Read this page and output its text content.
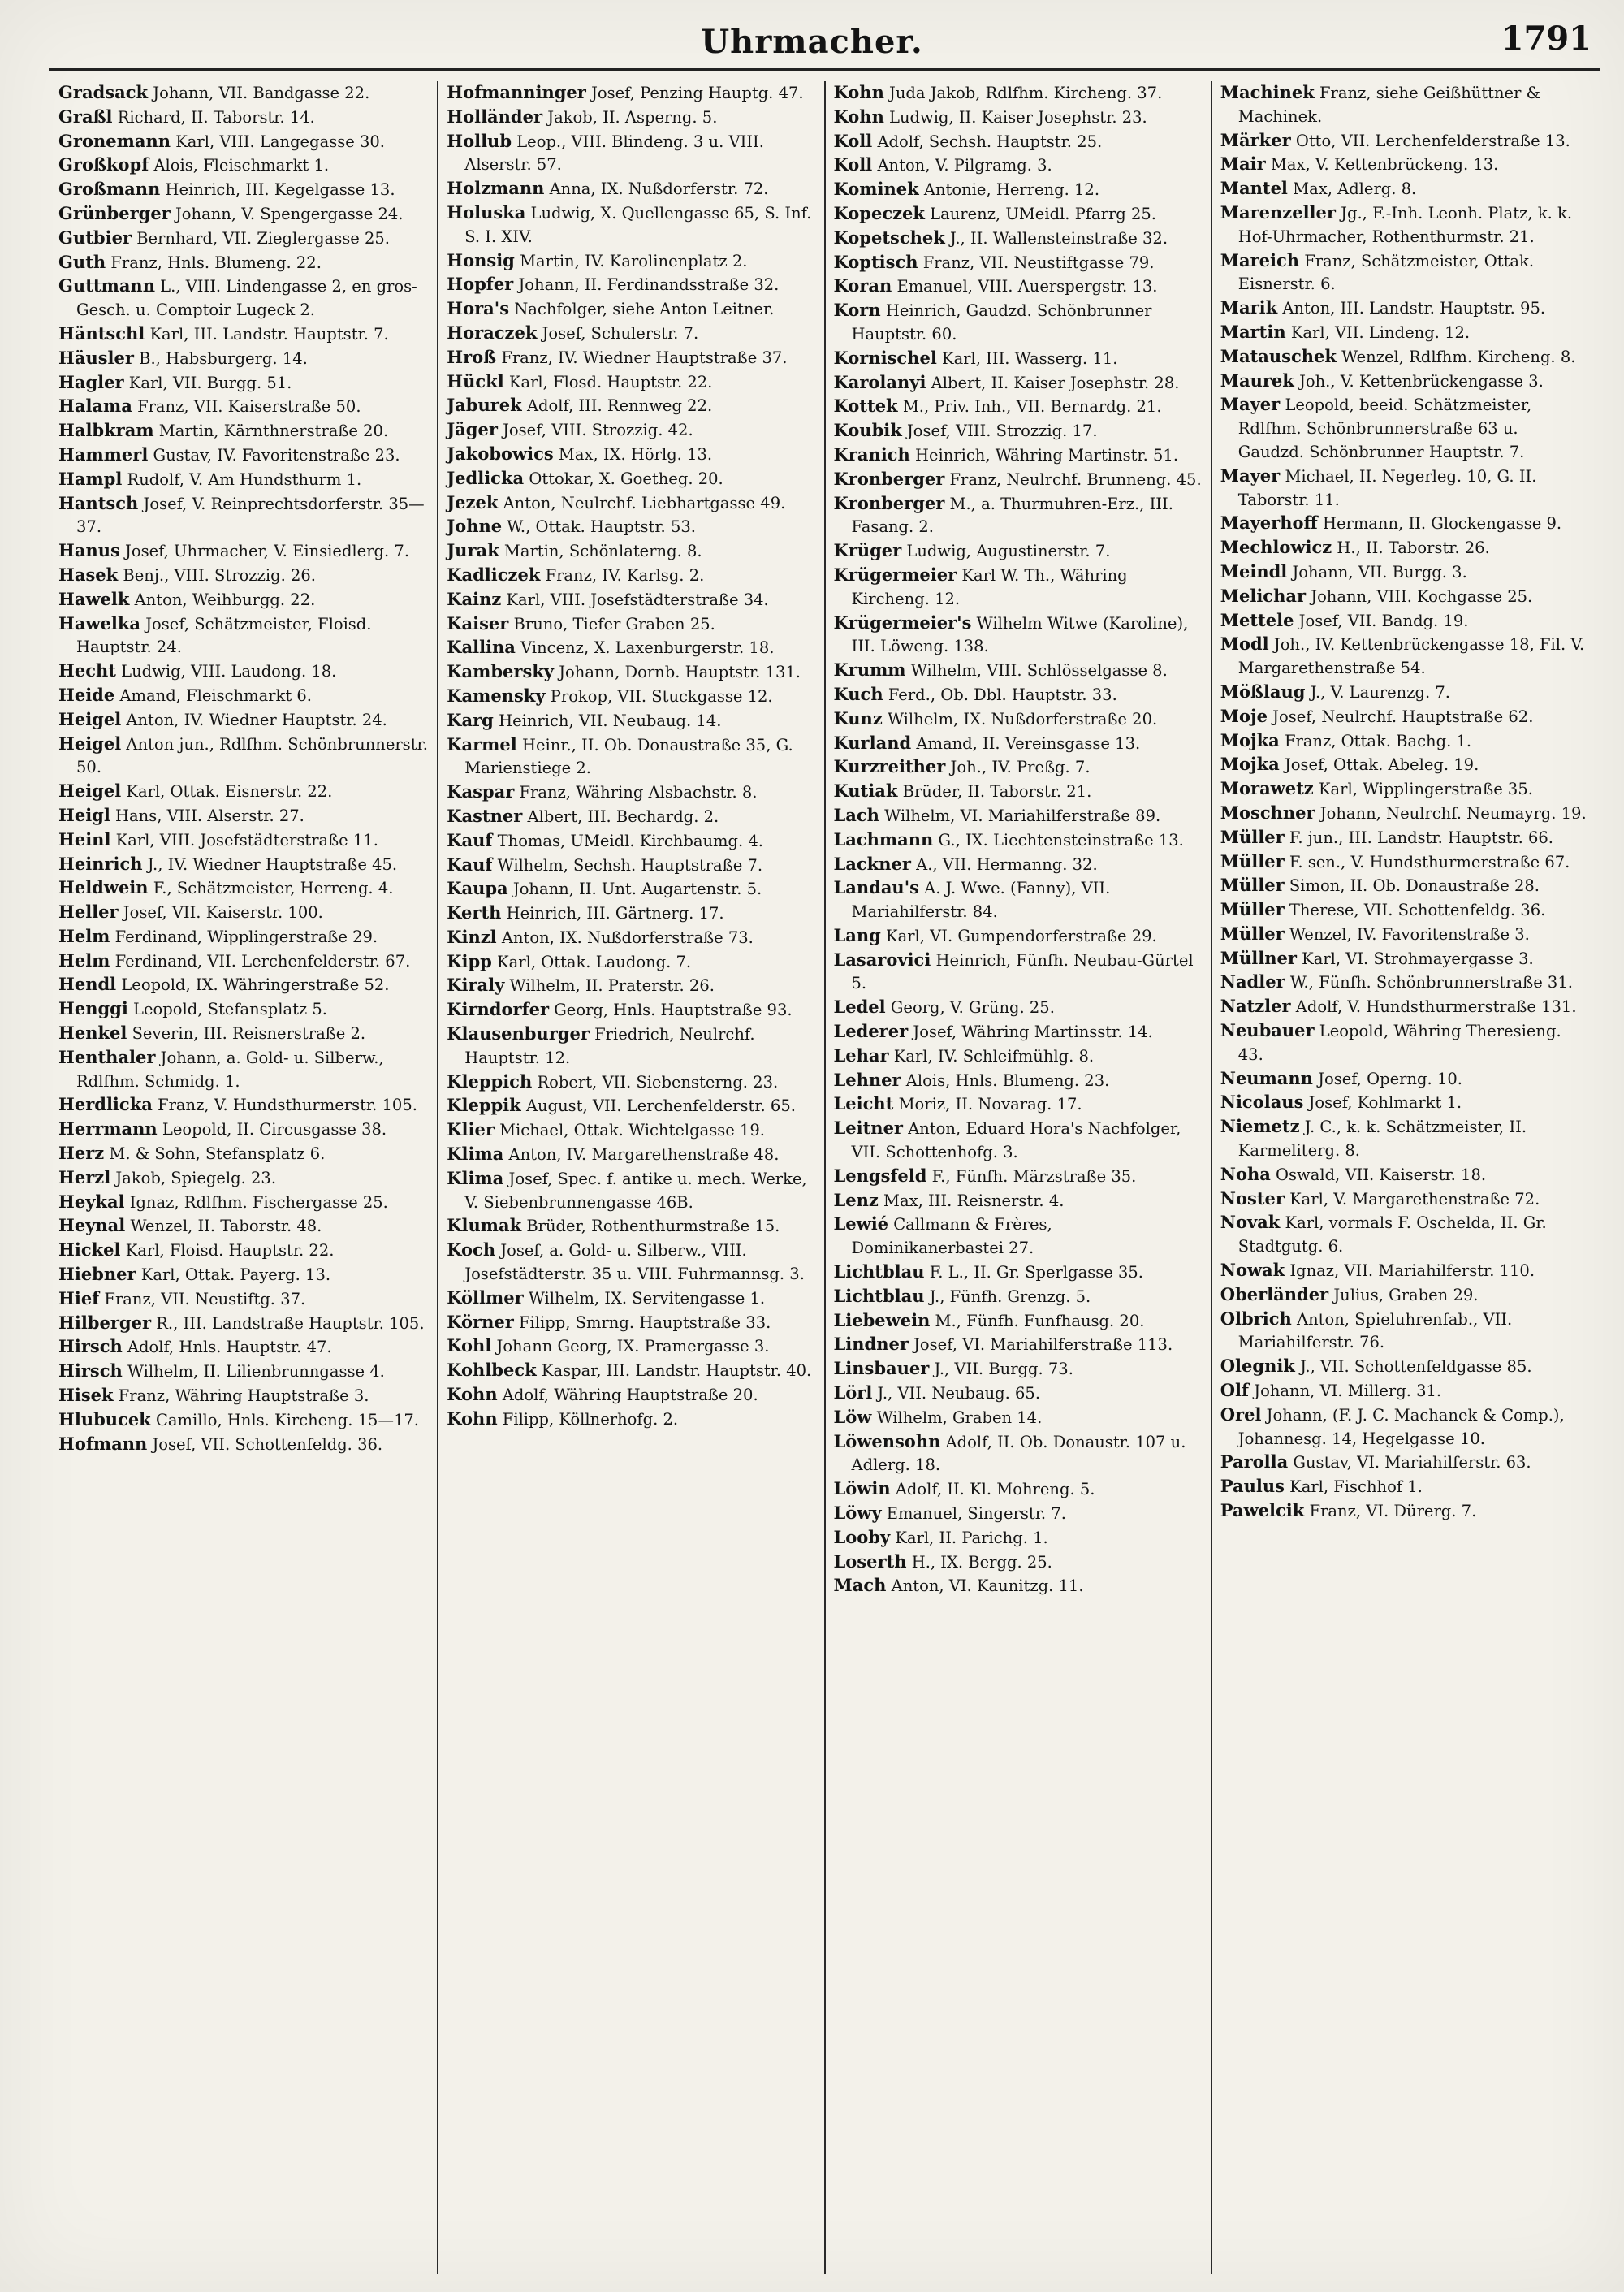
Uhrmacher.	1791
Gradsack Johann, VII. Bandgasse 22.
Graßl Richard, II. Taborstr. 14.
Gronemann Karl, VIII. Langegasse 30.
Großkopf Alois, Fleischmarkt 1.
Großmann Heinrich, III. Kegelgasse 13.
Grünberger Johann, V. Spengergasse 24.
Gutbier Bernhard, VII. Zieglergasse 25.
Guth Franz, Hnls. Blumeng. 22.
Guttmann L., VIII. Lindengasse 2, en gros-Gesch. u. Comptoir Lugeck 2.
Häntschl Karl, III. Landstr. Hauptstr. 7.
Häusler B., Habsburgerg. 14.
Hagler Karl, VII. Burgg. 51.
Halama Franz, VII. Kaiserstraße 50.
Halbkram Martin, Kärnthnerstraße 20.
Hammerl Gustav, IV. Favoritenstraße 23.
Hampl Rudolf, V. Am Hundsthurm 1.
Hantsch Josef, V. Reinprechtsdorferstr. 35—37.
Hanus Josef, Uhrmacher, V. Einsiedlerg. 7.
Hasek Benj., VIII. Strozzig. 26.
Hawelk Anton, Weihburgg. 22.
Hawelka Josef, Schätzmeister, Floisd. Hauptstr. 24.
Hecht Ludwig, VIII. Laudong. 18.
Heide Amand, Fleischmarkt 6.
Heigel Anton, IV. Wiedner Hauptstr. 24.
Heigel Anton jun., Rdlfhm. Schönbrunnerstr. 50.
Heigel Karl, Ottak. Eisnerstr. 22.
Heigl Hans, VIII. Alserstr. 27.
Heinl Karl, VIII. Josefstädterstraße 11.
Heinrich J., IV. Wiedner Hauptstraße 45.
Heldwein F., Schätzmeister, Herreng. 4.
Heller Josef, VII. Kaiserstr. 100.
Helm Ferdinand, Wipplingerstraße 29.
Helm Ferdinand, VII. Lerchenfelderstr. 67.
Hendl Leopold, IX. Währingerstraße 52.
Henggi Leopold, Stefansplatz 5.
Henkel Severin, III. Reisnerstraße 2.
Henthaler Johann, a. Gold- u. Silberw., Rdlfhm. Schmidg. 1.
Herdlicka Franz, V. Hundsthurmerstr. 105.
Herrmann Leopold, II. Circusgasse 38.
Herz M. & Sohn, Stefansplatz 6.
Herzl Jakob, Spiegelg. 23.
Heykal Ignaz, Rdlfhm. Fischergasse 25.
Heynal Wenzel, II. Taborstr. 48.
Hickel Karl, Floisd. Hauptstr. 22.
Hiebner Karl, Ottak. Payerg. 13.
Hief Franz, VII. Neustiftg. 37.
Hilberger R., III. Landstraße Hauptstr. 105.
Hirsch Adolf, Hnls. Hauptstr. 47.
Hirsch Wilhelm, II. Lilienbrunngasse 4.
Hisek Franz, Währing Hauptstraße 3.
Hlubucek Camillo, Hnls. Kircheng. 15—17.
Hofmann Josef, VII. Schottenfeldg. 36.
Hofmanninger Josef, Penzing Hauptg. 47.
Holländer Jakob, II. Asperng. 5.
Hollub Leop., VIII. Blindeng. 3 u. VIII. Alserstr. 57.
Holzmann Anna, IX. Nußdorferstr. 72.
Holuska Ludwig, X. Quellengasse 65, S. Inf. S. I. XIV.
Honsig Martin, IV. Karolinenplatz 2.
Hopfer Johann, II. Ferdinandsstraße 32.
Hora's Nachfolger, siehe Anton Leitner.
Horaczek Josef, Schulerstr. 7.
Hroß Franz, IV. Wiedner Hauptstraße 37.
Hückl Karl, Flosd. Hauptstr. 22.
Jaburek Adolf, III. Rennweg 22.
Jäger Josef, VIII. Strozzig. 42.
Jakobowics Max, IX. Hörlg. 13.
Jedlicka Ottokar, X. Goetheg. 20.
Jezek Anton, Neulrchf. Liebhartgasse 49.
Johne W., Ottak. Hauptstr. 53.
Jurak Martin, Schönlaterng. 8.
Kadliczek Franz, IV. Karlsg. 2.
Kainz Karl, VIII. Josefstädterstraße 34.
Kaiser Bruno, Tiefer Graben 25.
Kallina Vincenz, X. Laxenburgerstr. 18.
Kambersky Johann, Dornb. Hauptstr. 131.
Kamensky Prokop, VII. Stuckgasse 12.
Karg Heinrich, VII. Neubaug. 14.
Karmel Heinr., II. Ob. Donaustraße 35, G. Marienstiege 2.
Kaspar Franz, Währing Alsbachstr. 8.
Kastner Albert, III. Bechardg. 2.
Kauf Thomas, UMeidl. Kirchbaumg. 4.
Kauf Wilhelm, Sechsh. Hauptstraße 7.
Kaupa Johann, II. Unt. Augartenstr. 5.
Kerth Heinrich, III. Gärtnerg. 17.
Kinzl Anton, IX. Nußdorferstraße 73.
Kipp Karl, Ottak. Laudong. 7.
Kiraly Wilhelm, II. Praterstr. 26.
Kirndorfer Georg, Hnls. Hauptstraße 93.
Klausenburger Friedrich, Neulrchf. Hauptstr. 12.
Kleppich Robert, VII. Siebensterng. 23.
Kleppik August, VII. Lerchenfelderstr. 65.
Klier Michael, Ottak. Wichtelgasse 19.
Klima Anton, IV. Margarethenstraße 48.
Klima Josef, Spec. f. antike u. mech. Werke, V. Siebenbrunnengasse 46B.
Klumak Brüder, Rothenthurmstraße 15.
Koch Josef, a. Gold- u. Silberw., VIII. Josefstädterstr. 35 u. VIII. Fuhrmannsg. 3.
Köllmer Wilhelm, IX. Servitengasse 1.
Körner Filipp, Smrng. Hauptstraße 33.
Kohl Johann Georg, IX. Pramergasse 3.
Kohlbeck Kaspar, III. Landstr. Hauptstr. 40.
Kohn Adolf, Währing Hauptstraße 20.
Kohn Filipp, Köllnerhofg. 2.
Kohn Juda Jakob, Rdlfhm. Kircheng. 37.
Kohn Ludwig, II. Kaiser Josephstr. 23.
Koll Adolf, Sechsh. Hauptstr. 25.
Koll Anton, V. Pilgramg. 3.
Kominek Antonie, Herreng. 12.
Kopeczek Laurenz, UMeidl. Pfarrg 25.
Kopetschek J., II. Wallensteinstraße 32.
Koptisch Franz, VII. Neustiftgasse 79.
Koran Emanuel, VIII. Auerspergstr. 13.
Korn Heinrich, Gaudzd. Schönbrunner Hauptstr. 60.
Kornischel Karl, III. Wasserg. 11.
Karolanyi Albert, II. Kaiser Josephstr. 28.
Kottek M., Priv. Inh., VII. Bernardg. 21.
Koubik Josef, VIII. Strozzig. 17.
Kranich Heinrich, Währing Martinstr. 51.
Kronberger Franz, Neulrchf. Brunneng. 45.
Kronberger M., a. Thurmuhren-Erz., III. Fasang. 2.
Krüger Ludwig, Augustinerstr. 7.
Krügermeier Karl W. Th., Währing Kircheng. 12.
Krügermeier's Wilhelm Witwe (Karoline), III. Löweng. 138.
Krumm Wilhelm, VIII. Schlösselgasse 8.
Kuch Ferd., Ob. Dbl. Hauptstr. 33.
Kunz Wilhelm, IX. Nußdorferstraße 20.
Kurland Amand, II. Vereinsgasse 13.
Kurzreither Joh., IV. Preßg. 7.
Kutiak Brüder, II. Taborstr. 21.
Lach Wilhelm, VI. Mariahilferstraße 89.
Lachmann G., IX. Liechtensteinstraße 13.
Lackner A., VII. Hermanng. 32.
Landau's A. J. Wwe. (Fanny), VII. Mariahilferstr. 84.
Lang Karl, VI. Gumpendorferstraße 29.
Lasarovici Heinrich, Fünfh. Neubau-Gürtel 5.
Ledel Georg, V. Grüng. 25.
Lederer Josef, Währing Martinsstr. 14.
Lehar Karl, IV. Schleifmühlg. 8.
Lehner Alois, Hnls. Blumeng. 23.
Leicht Moriz, II. Novarag. 17.
Leitner Anton, Eduard Hora's Nachfolger, VII. Schottenhofg. 3.
Lengsfeld F., Fünfh. Märzstraße 35.
Lenz Max, III. Reisnerstr. 4.
Lewié Callmann & Frères, Dominikanerbastei 27.
Lichtblau F. L., II. Gr. Sperlgasse 35.
Lichtblau J., Fünfh. Grenzg. 5.
Liebewein M., Fünfh. Funfhausg. 20.
Lindner Josef, VI. Mariahilferstraße 113.
Linsbauer J., VII. Burgg. 73.
Lörl J., VII. Neubaug. 65.
Löw Wilhelm, Graben 14.
Löwensohn Adolf, II. Ob. Donaustr. 107 u. Adlerg. 18.
Löwin Adolf, II. Kl. Mohreng. 5.
Löwy Emanuel, Singerstr. 7.
Looby Karl, II. Parichg. 1.
Loserth H., IX. Bergg. 25.
Mach Anton, VI. Kaunitzg. 11.
Machinek Franz, siehe Geißhüttner & Machinek.
Märker Otto, VII. Lerchenfelderstraße 13.
Mair Max, V. Kettenbrückeng. 13.
Mantel Max, Adlerg. 8.
Marenzeller Jg., F.-Inh. Leonh. Platz, k. k. Hof-Uhrmacher, Rothenthurmstr. 21.
Mareich Franz, Schätzmeister, Ottak. Eisnerstr. 6.
Marik Anton, III. Landstr. Hauptstr. 95.
Martin Karl, VII. Lindeng. 12.
Matauschek Wenzel, Rdlfhm. Kircheng. 8.
Maurek Joh., V. Kettenbrückengasse 3.
Mayer Leopold, beeid. Schätzmeister, Rdlfhm. Schönbrunnerstraße 63 u. Gaudzd. Schönbrunner Hauptstr. 7.
Mayer Michael, II. Negerleg. 10, G. II. Taborstr. 11.
Mayerhoff Hermann, II. Glockengasse 9.
Mechlowicz H., II. Taborstr. 26.
Meindl Johann, VII. Burgg. 3.
Melichar Johann, VIII. Kochgasse 25.
Mettele Josef, VII. Bandg. 19.
Modl Joh., IV. Kettenbrückengasse 18, Fil. V. Margarethenstraße 54.
Mößlaug J., V. Laurenzg. 7.
Moje Josef, Neulrchf. Hauptstraße 62.
Mojka Franz, Ottak. Bachg. 1.
Mojka Josef, Ottak. Abeleg. 19.
Morawetz Karl, Wipplingerstraße 35.
Moschner Johann, Neulrchf. Neumayrg. 19.
Müller F. jun., III. Landstr. Hauptstr. 66.
Müller F. sen., V. Hundsthurmerstraße 67.
Müller Simon, II. Ob. Donaustraße 28.
Müller Therese, VII. Schottenfeldg. 36.
Müller Wenzel, IV. Favoritenstraße 3.
Müllner Karl, VI. Strohmayergasse 3.
Nadler W., Fünfh. Schönbrunnerstraße 31.
Natzler Adolf, V. Hundsthurmerstraße 131.
Neubauer Leopold, Währing Theresieng. 43.
Neumann Josef, Operng. 10.
Nicolaus Josef, Kohlmarkt 1.
Niemetz J. C., k. k. Schätzmeister, II. Karmeliterg. 8.
Noha Oswald, VII. Kaiserstr. 18.
Noster Karl, V. Margarethenstraße 72.
Novak Karl, vormals F. Oschelda, II. Gr. Stadtgutg. 6.
Nowak Ignaz, VII. Mariahilferstr. 110.
Oberländer Julius, Graben 29.
Olbrich Anton, Spieluhrenfab., VII. Mariahilferstr. 76.
Olegnik J., VII. Schottenfeldgasse 85.
Olf Johann, VI. Millerg. 31.
Orel Johann, (F. J. C. Machanek & Comp.), Johannesg. 14, Hegelgasse 10.
Parolla Gustav, VI. Mariahilferstr. 63.
Paulus Karl, Fischhof 1.
Pawelcik Franz, VI. Dürerg. 7.
